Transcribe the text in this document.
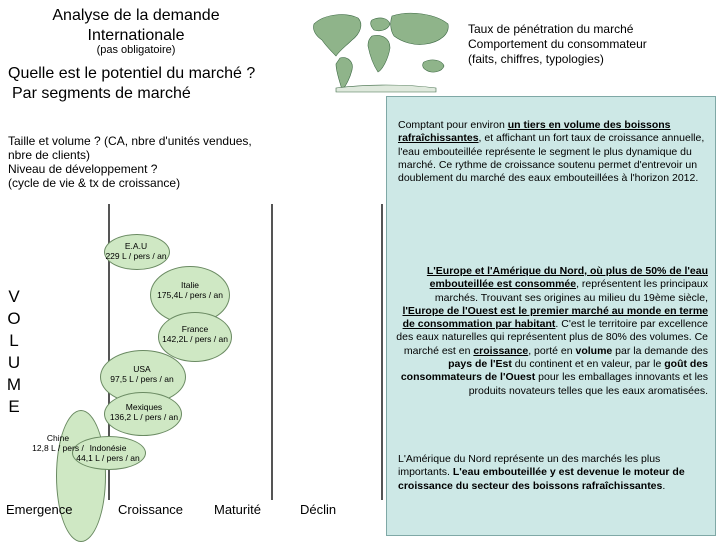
Analyse de la demande
Internationale
(pas obligatoire)
Quelle est le potentiel du marché ?
Par segments de marché
Taux de pénétration du marché
Comportement du consommateur
(faits, chiffres, typologies)
Taille et volume ? (CA, nbre d'unités vendues,
nbre de clients)
Niveau de développement ?
(cycle de vie & tx de croissance)
V
O
L
U
M
E
E.A.U
229 L / pers / an
Italie
175,4L / pers / an
France
142,2L / pers / an
USA
97,5 L / pers / an
Mexiques
136,2 L / pers / an
Chine
12,8 L / pers / Indonésie
44,1 L / pers / an
Emergence	Croissance Maturité	Déclin
Comptant pour environ un tiers en volume des boissons rafraîchissantes, et affichant un fort taux de croissance annuelle, l'eau embouteillée représente le segment le plus dynamique du marché. Ce rythme de croissance soutenu permet d'entrevoir un doublement du marché des eaux embouteillées à l'horizon 2012.
L'Europe et l'Amérique du Nord, où plus de 50% de l'eau embouteillée est consommée, représentent les principaux marchés. Trouvant ses origines au milieu du 19ème siècle, l'Europe de l'Ouest est le premier marché au monde en terme de consommation par habitant. C'est le territoire par excellence des eaux naturelles qui représentent plus de 80% des volumes. Ce marché est en croissance, porté en volume par la demande des pays de l'Est du continent et en valeur, par le goût des consommateurs de l'Ouest pour les emballages innovants et les produits novateurs telles que les eaux aromatisées.
L'Amérique du Nord représente un des marchés les plus importants. L'eau embouteillée y est devenue le moteur de croissance du secteur des boissons rafraîchissantes.
